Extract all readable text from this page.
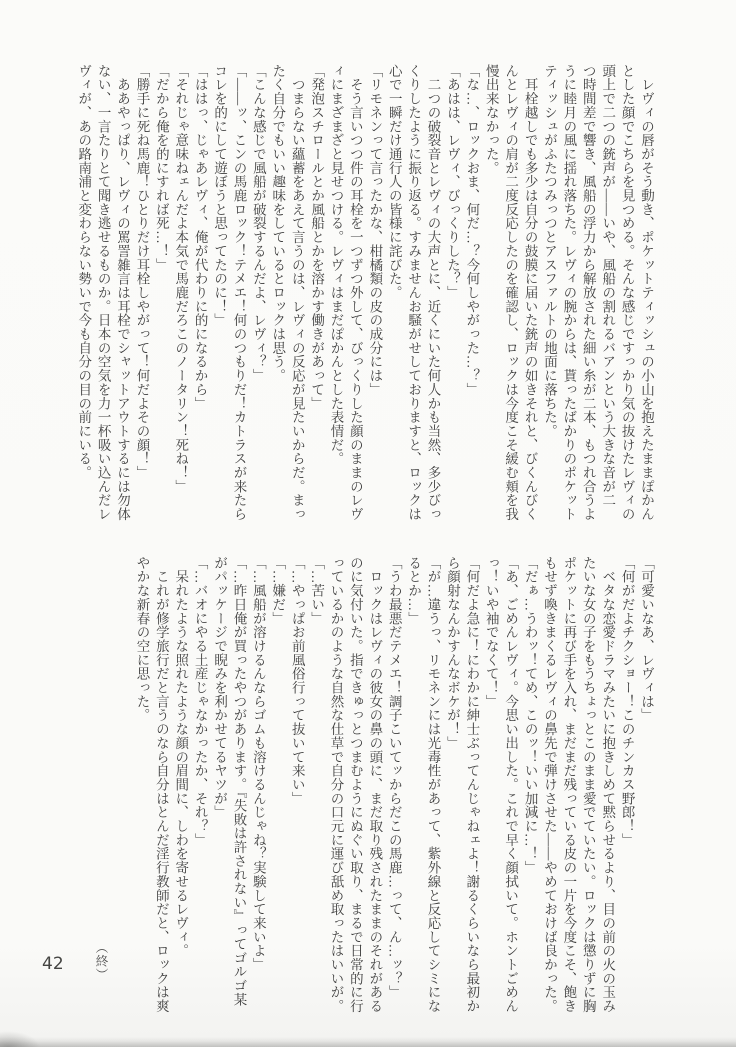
　レヴィの唇がそう動き、ポケットティッシュの小山を抱えたままぽかん
とした顔でこちらを見つめる。そんな感じですっかり気の抜けたレヴィの
頭上で二つの銃声が――いや、風船の割れるバアンという大きな音が二
つ時間差で響き、風船の浮力から解放された細い糸が二本、もつれ合うよ
うに睦月の風に揺れ落ちた。レヴィの腕からは、貰ったばかりのポケット
ティッシュがふたつみっつとアスファルトの地面に落ちた。
　耳栓越しでも多少は自分の鼓膜に届いた銃声の如きそれと、びくんびく
んとレヴィの肩が二度反応したのを確認し、ロックは今度こそ緩む頬を我
慢出来なかった。
「な…、ロックおま、何だ…？今何しやがった…？」
「あはは、レヴィ、びっくりした？」
　二つの破裂音とレヴィの大声とに、近くにいた何人かも当然、多少びっ
くりしたように振り返る。すみませんお騒がせしておりますと、ロックは
心で一瞬だけ通行人の皆様に詫びた。
「リモネンって言ったかな、柑橘類の皮の成分には」
　そう言いつつ件の耳栓を一つずつ外して、びっくりした顔のままのレヴ
ィにまざまざと見せつける。レヴィはまだぽかんとした表情だ。
「発泡スチロールとか風船とかを溶かす働きがあって」
　つまらない蘊蓄をあえて言うのは、レヴィの反応が見たいからだ。まっ
たく自分でもいい趣味をしているとロックは思う。
「こんな感じで風船が破裂するんだよ、レヴィ？」
「――ッ、こンの馬鹿ロック！テメエ！何のつもりだ！カトラスが来たら
コレを的にして遊ぼうと思ってたのに！」
「ははっ、じゃあレヴィ、俺が代わりに的になるから」
「それじゃ意味ねェんだよ本気で馬鹿だろこのノータリン！死ね！」
「だから俺を的にすれば死…！」
「勝手に死ね馬鹿！ひとりだけ耳栓しやがって！何だよその顔！」
　ああやっぱり、レヴィの罵詈雑言は耳栓でシャットアウトするには勿体
ない、一言たりとて聞き逃せるものか。日本の空気を力一杯吸い込んだレ
ヴィが、あの路南浦と変わらない勢いで今も自分の目の前にいる。
「可愛いなあ、レヴィは」
「何がだよチクショー！このチンカス野郎！」
　ベタな恋愛ドラマみたいに抱きしめて黙らせるより、目の前の火の玉み
たいな女の子をもうちょっとこのまま愛でていたい。ロックは懲りずに胸
ポケットに再び手を入れ、まだまだ残っている皮の一片を今度こそ、飽き
もせず喚きまくるレヴィの鼻先で弾けさせた――やめておけば良かった。
「だぁ…うわッ！てめ、このッ！いい加減に…！」
「あ、ごめんレヴィ。今思い出した。これで早く顔拭いて。ホントごめん
っ！いや袖でなくて！」
「何だよ急に！にわかに紳士ぶってんじゃねェよ！謝るくらいなら最初か
ら顔射なんかすんなボケが！」
「が…違うっ、リモネンには光毒性があって、紫外線と反応してシミにな
るとか…」
「うわ最悪だテメエ！調子こいてッからだこの馬鹿…って、ん…ッ？」
　ロックはレヴィの彼女の鼻の頭に、まだ取り残されたままのそれがある
のに気付いた。指できゅっとつまむようにぬぐい取り、まるで日常的に行
っているかのような自然な仕草で自分の口元に運び舐め取ったはいいが。
「…苦い」
「…やっぱお前風俗行って抜いて来い」
「…嫌だ」
「…風船が溶けるんならゴムも溶けるんじゃね？実験して来いよ」
「…昨日俺が買ったやつがあります。『失敗は許されない』ってゴルゴ某
がパッケージで睨みを利かせてるヤツが」
「…バオにやる土産じゃなかったか、それ？」
　呆れたような照れたような顔の眉間に、しわを寄せるレヴィ。
　これが修学旅行だと言うのなら自分はとんだ淫行教師だと、ロックは爽
やかな新春の空に思った。
（終）
42
